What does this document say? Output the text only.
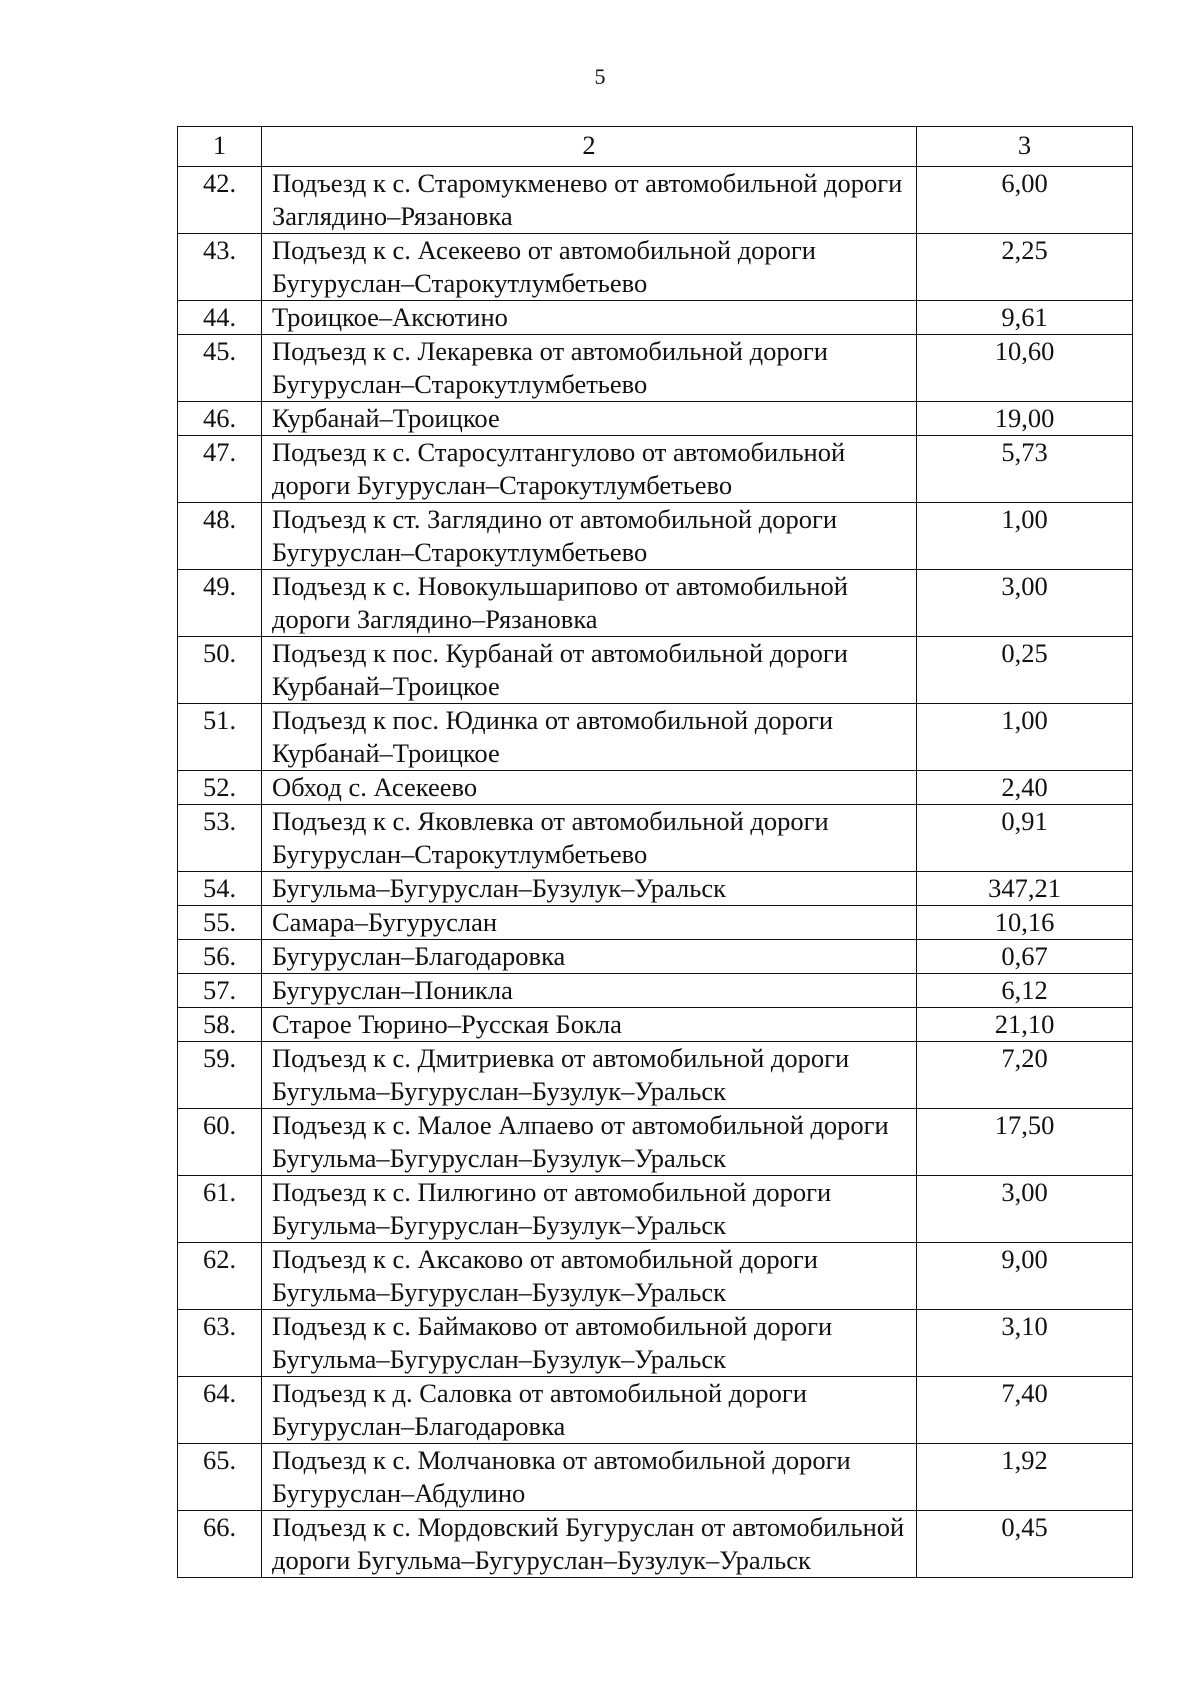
5
1	2	3
42.	Подъезд к с. Старомукменево от автомобильной дороги Заглядино–Рязановка	6,00
43.	Подъезд к с. Асекеево от автомобильной дороги Бугуруслан–Старокутлумбетьево	2,25
44.	Троицкое–Аксютино	9,61
45.	Подъезд к с. Лекаревка от автомобильной дороги Бугуруслан–Старокутлумбетьево	10,60
46.	Курбанай–Троицкое	19,00
47.	Подъезд к с. Старосултангулово от автомобильной дороги Бугуруслан–Старокутлумбетьево	5,73
48.	Подъезд к ст. Заглядино от автомобильной дороги Бугуруслан–Старокутлумбетьево	1,00
49.	Подъезд к с. Новокульшарипово от автомобильной дороги Заглядино–Рязановка	3,00
50.	Подъезд к пос. Курбанай от автомобильной дороги Курбанай–Троицкое	0,25
51.	Подъезд к пос. Юдинка от автомобильной дороги Курбанай–Троицкое	1,00
52.	Обход с. Асекеево	2,40
53.	Подъезд к с. Яковлевка от автомобильной дороги Бугуруслан–Старокутлумбетьево	0,91
54.	Бугульма–Бугуруслан–Бузулук–Уральск	347,21
55.	Самара–Бугуруслан	10,16
56.	Бугуруслан–Благодаровка	0,67
57.	Бугуруслан–Поникла	6,12
58.	Старое Тюрино–Русская Бокла	21,10
59.	Подъезд к с. Дмитриевка от автомобильной дороги Бугульма–Бугуруслан–Бузулук–Уральск	7,20
60.	Подъезд к с. Малое Алпаево от автомобильной дороги Бугульма–Бугуруслан–Бузулук–Уральск	17,50
61.	Подъезд к с. Пилюгино от автомобильной дороги Бугульма–Бугуруслан–Бузулук–Уральск	3,00
62.	Подъезд к с. Аксаково от автомобильной дороги Бугульма–Бугуруслан–Бузулук–Уральск	9,00
63.	Подъезд к с. Баймаково от автомобильной дороги Бугульма–Бугуруслан–Бузулук–Уральск	3,10
64.	Подъезд к д. Саловка от автомобильной дороги Бугуруслан–Благодаровка	7,40
65.	Подъезд к с. Молчановка от автомобильной дороги Бугуруслан–Абдулино	1,92
66.	Подъезд к с. Мордовский Бугуруслан от автомобильной дороги Бугульма–Бугуруслан–Бузулук–Уральск	0,45
